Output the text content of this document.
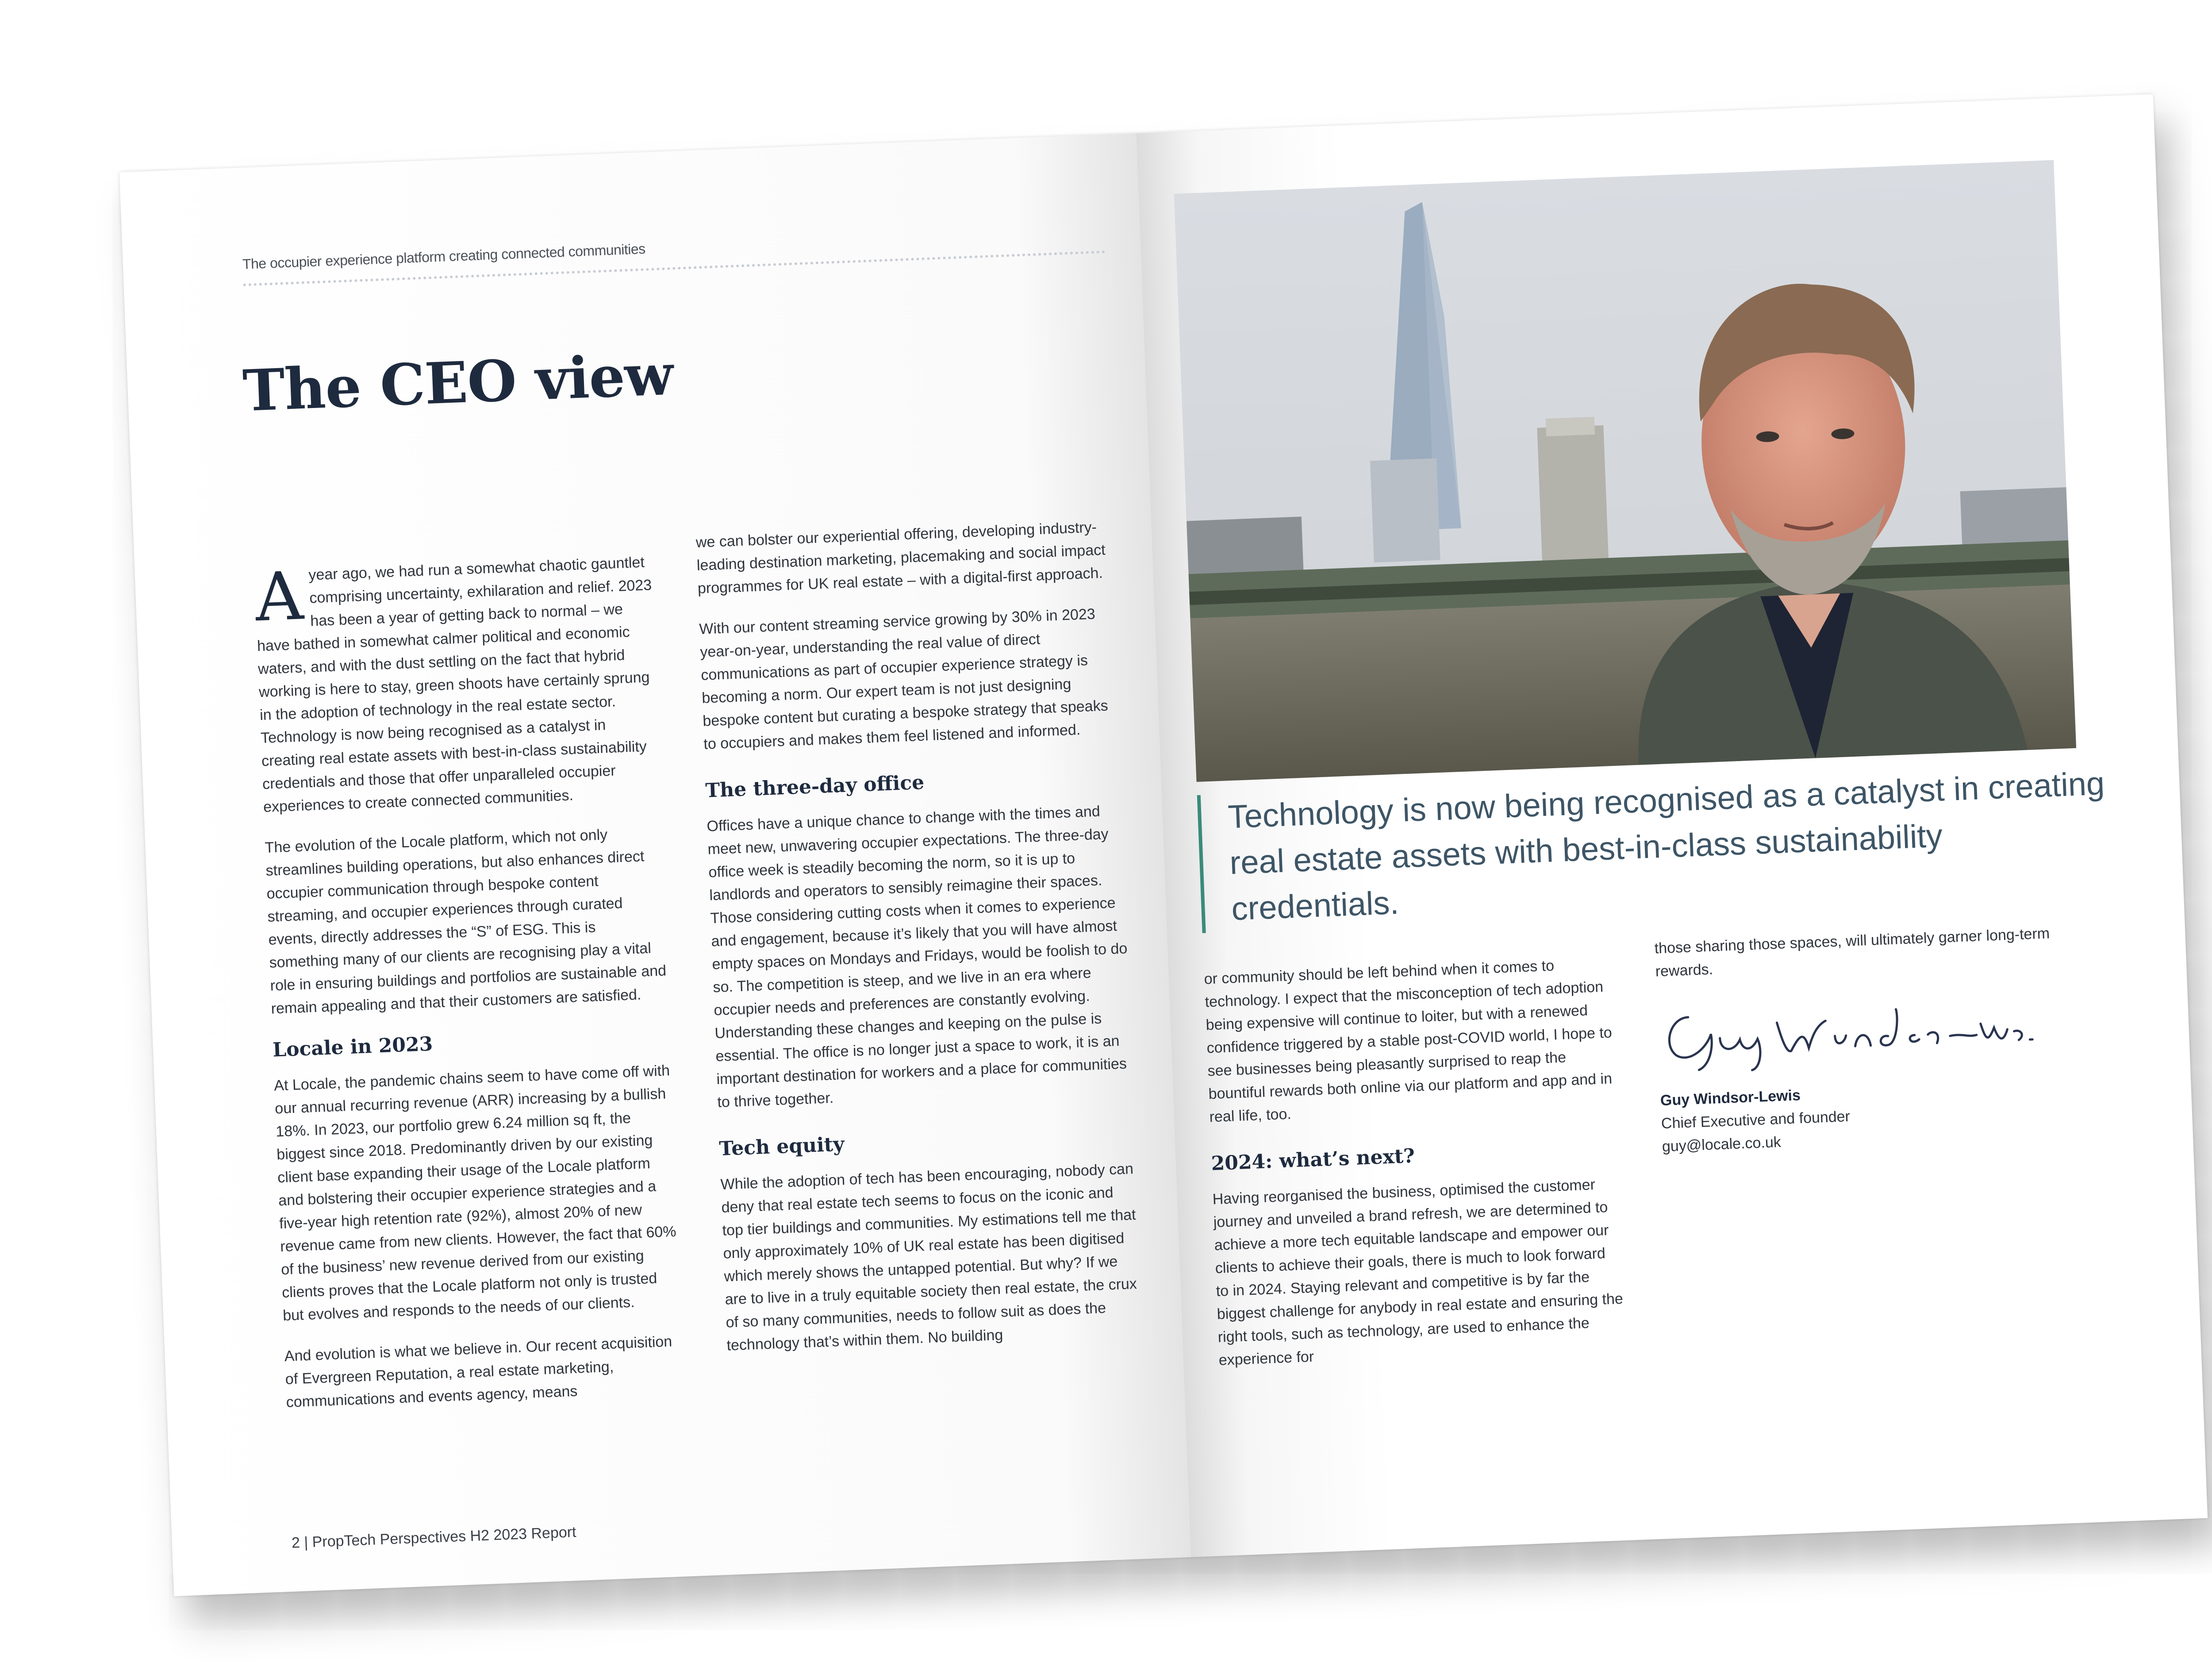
The occupier experience platform creating connected communities
The CEO view

Ayear ago, we had run a somewhat chaotic gauntlet comprising uncertainty, exhilaration and relief. 2023 has been a year of getting back to normal – we have bathed in somewhat calmer political and economic waters, and with the dust settling on the fact that hybrid working is here to stay, green shoots have certainly sprung in the adoption of technology in the real estate sector. Technology is now being recognised as a catalyst in creating real estate assets with best-in-class sustainability credentials and those that offer unparalleled occupier experiences to create connected communities.

The evolution of the Locale platform, which not only streamlines building operations, but also enhances direct occupier communication through bespoke content streaming, and occupier experiences through curated events, directly addresses the “S” of ESG. This is something many of our clients are recognising play a vital role in ensuring buildings and portfolios are sustainable and remain appealing and that their customers are satisfied.

Locale in 2023

At Locale, the pandemic chains seem to have come off with our annual recurring revenue (ARR) increasing by a bullish 18%. In 2023, our portfolio grew 6.24 million sq ft, the biggest since 2018. Predominantly driven by our existing client base expanding their usage of the Locale platform and bolstering their occupier experience strategies and a five-year high retention rate (92%), almost 20% of new revenue came from new clients. However, the fact that 60% of the business’ new revenue derived from our existing clients proves that the Locale platform not only is trusted but evolves and responds to the needs of our clients.

And evolution is what we believe in. Our recent acquisition of Evergreen Reputation, a real estate marketing, communications and events agency, means

we can bolster our experiential offering, developing industry-leading destination marketing, placemaking and social impact programmes for UK real estate – with a digital-first approach.

With our content streaming service growing by 30% in 2023 year-on-year, understanding the real value of direct communications as part of occupier experience strategy is becoming a norm. Our expert team is not just designing bespoke content but curating a bespoke strategy that speaks to occupiers and makes them feel listened and informed.

The three-day office

Offices have a unique chance to change with the times and meet new, unwavering occupier expectations. The three-day office week is steadily becoming the norm, so it is up to landlords and operators to sensibly reimagine their spaces. Those considering cutting costs when it comes to experience and engagement, because it’s likely that you will have almost empty spaces on Mondays and Fridays, would be foolish to do so. The competition is steep, and we live in an era where occupier needs and preferences are constantly evolving. Understanding these changes and keeping on the pulse is essential. The office is no longer just a space to work, it is an important destination for workers and a place for communities to thrive together.

Tech equity

While the adoption of tech has been encouraging, nobody can deny that real estate tech seems to focus on the iconic and top tier buildings and communities. My estimations tell me that only approximately 10% of UK real estate has been digitised which merely shows the untapped potential. But why? If we are to live in a truly equitable society then real estate, the crux of so many communities, needs to follow suit as does the technology that’s within them. No building

2 | PropTech Perspectives H2 2023 Report
Technology is now being recognised as a catalyst in creating real estate assets with best-in-class sustainability credentials.

or community should be left behind when it comes to technology. I expect that the misconception of tech adoption being expensive will continue to loiter, but with a renewed confidence triggered by a stable post-COVID world, I hope to see businesses being pleasantly surprised to reap the bountiful rewards both online via our platform and app and in real life, too.

2024: what’s next?

Having reorganised the business, optimised the customer journey and unveiled a brand refresh, we are determined to achieve a more tech equitable landscape and empower our clients to achieve their goals, there is much to look forward to in 2024. Staying relevant and competitive is by far the biggest challenge for anybody in real estate and ensuring the right tools, such as technology, are used to enhance the experience for

those sharing those spaces, will ultimately garner long-term rewards.

Guy Windsor-Lewis

Chief Executive and founder

guy@locale.co.uk
